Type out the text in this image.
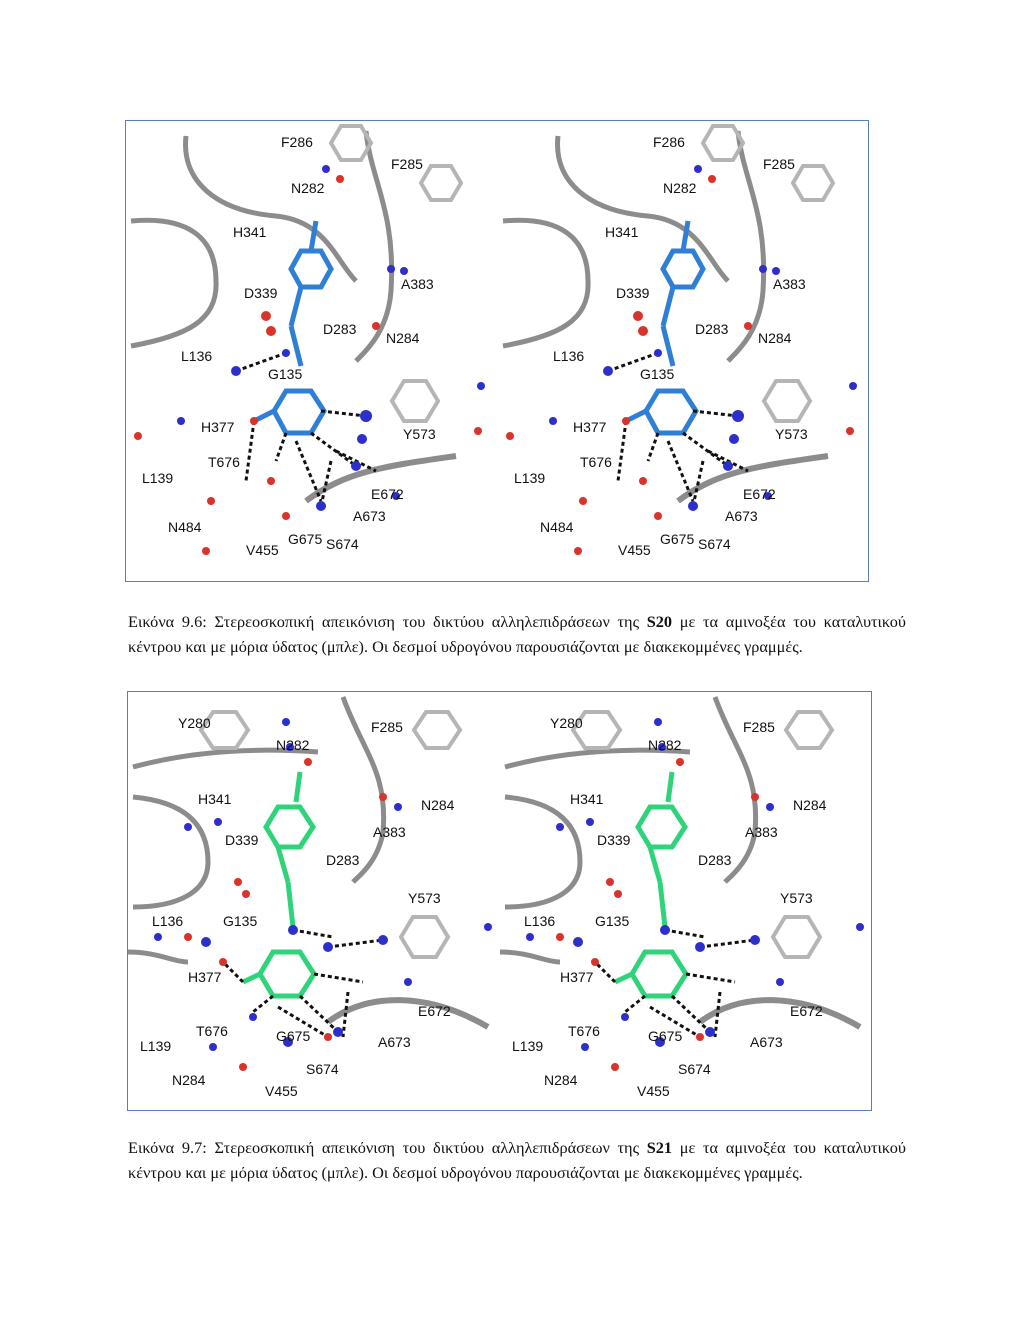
F286
N282
F285
H341
D339
A383
D283
N284
L136
G135
H377	Y573
L139
T676
E672
N484
A673
G675 S674
V455
F286
N282
F285
H341
D339
A383
D283
N284
L136
G135
H377	Y573
L139
T676
E672
N484
A673
G675 S674
V455

Εικόνα 9.6: Στερεοσκοπική απεικόνιση του δικτύου αλληλεπιδράσεων της S20 με τα αμινοξέα του καταλυτικού κέντρου και με μόρια ύδατος (μπλε). Οι δεσμοί υδρογόνου παρουσιάζονται με διακεκομμένες γραμμές.

Y280
N282
F285
H341	N284
D339	A383
D283
Y573
L136	G135
H377
E672
T676	G675
L139	A673
S674
N284
V455
Y280
N282
F285
H341	N284
D339	A383
D283
Y573
L136	G135
H377
E672
T676	G675
L139	A673
S674
N284
V455

Εικόνα 9.7: Στερεοσκοπική απεικόνιση του δικτύου αλληλεπιδράσεων της S21 με τα αμινοξέα του καταλυτικού κέντρου και με μόρια ύδατος (μπλε). Οι δεσμοί υδρογόνου παρουσιάζονται με διακεκομμένες γραμμές.
